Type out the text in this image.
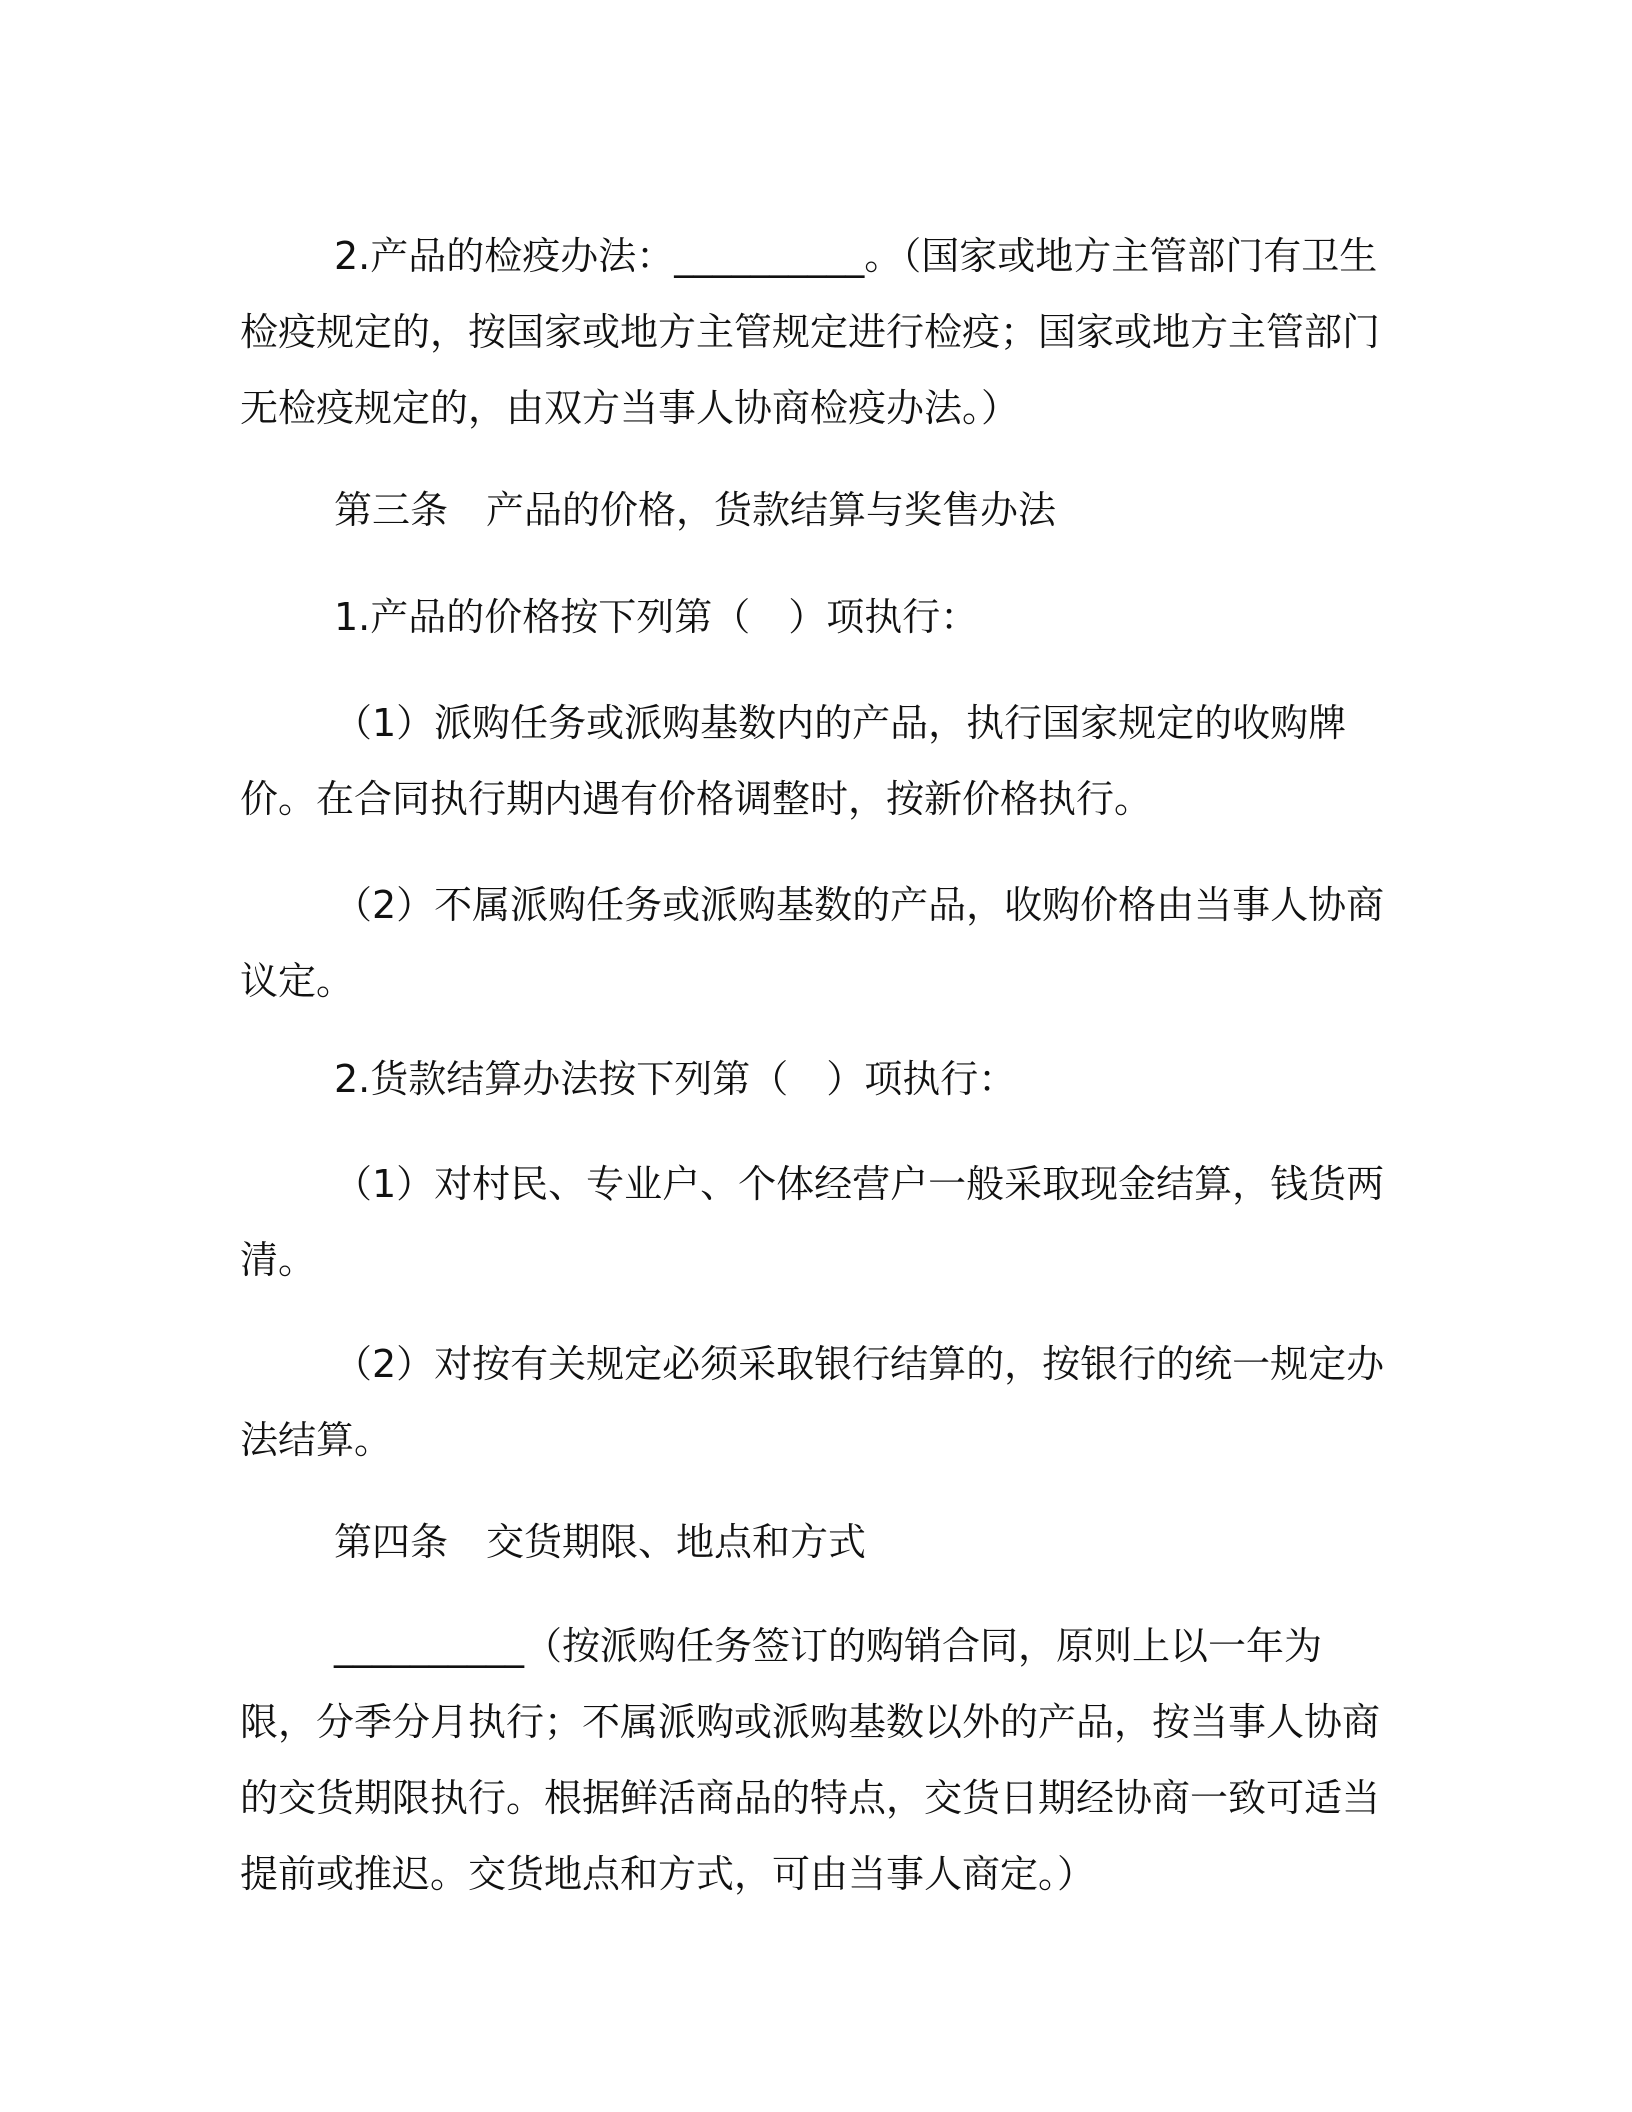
2.产品的检疫办法：__________。（国家或地方主管部门有卫生检疫规定的，按国家或地方主管规定进行检疫；国家或地方主管部门无检疫规定的，由双方当事人协商检疫办法。）

第三条　产品的价格，货款结算与奖售办法

1.产品的价格按下列第（　）项执行：

（1）派购任务或派购基数内的产品，执行国家规定的收购牌价。在合同执行期内遇有价格调整时，按新价格执行。

（2）不属派购任务或派购基数的产品，收购价格由当事人协商议定。

2.货款结算办法按下列第（　）项执行：

（1）对村民、专业户、个体经营户一般采取现金结算，钱货两清。

（2）对按有关规定必须采取银行结算的，按银行的统一规定办法结算。

第四条　交货期限、地点和方式

__________（按派购任务签订的购销合同，原则上以一年为限，分季分月执行；不属派购或派购基数以外的产品，按当事人协商的交货期限执行。根据鲜活商品的特点，交货日期经协商一致可适当提前或推迟。交货地点和方式，可由当事人商定。）
